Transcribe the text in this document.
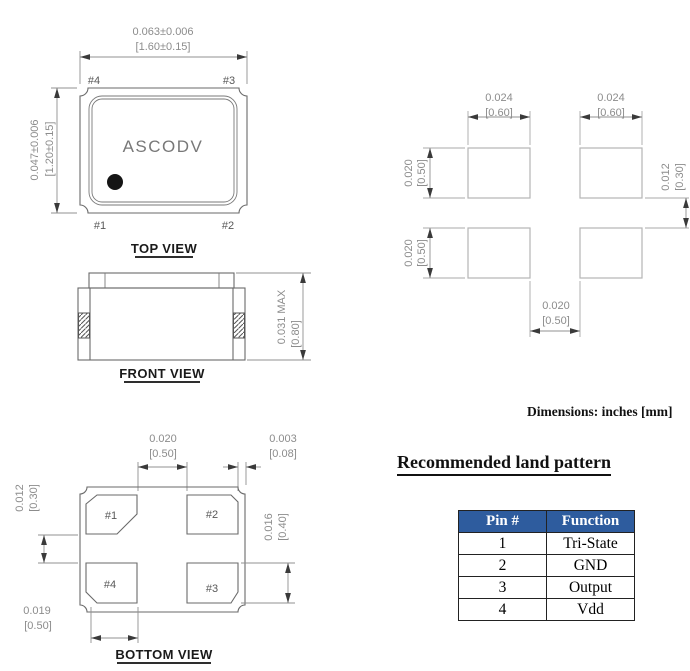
0.063±0.006
[1.60±0.15]
0.047±0.006 [1.20±0.15]	ASCODV
#4	#3
#1	#2
TOP VIEW
0.031 MAX [0.80]
FRONT VIEW
0.020
[0.50]
0.003
[0.08]
#1	#2
#4	#3
0.012 [0.30]
0.016 [0.40]
0.019
[0.50]
BOTTOM VIEW
0.024
[0.60]
0.024
[0.60]
0.020 [0.50]
0.020 [0.50]
0.012 [0.30]
0.020
[0.50]
Dimensions: inches [mm]
Recommended land pattern
Pin #	Function
1	Tri-State
2	GND
3	Output
4	Vdd
